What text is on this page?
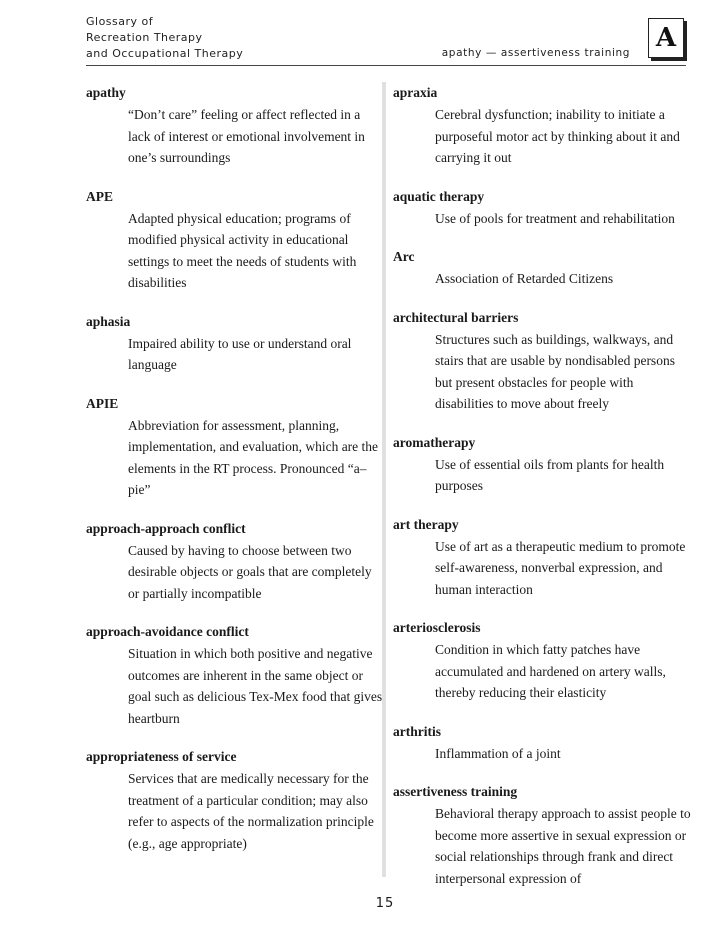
Glossary of
Recreation Therapy
and Occupational Therapy	apathy — assertiveness training A
apathy
“Don’t care” feeling or affect reflected in a lack of interest or emotional involvement in one’s surroundings
APE
Adapted physical education; programs of modified physical activity in educational settings to meet the needs of students with disabilities
aphasia
Impaired ability to use or understand oral language
APIE
Abbreviation for assessment, planning, implementation, and evaluation, which are the elements in the RT process. Pronounced “a–pie”
approach-approach conflict
Caused by having to choose between two desirable objects or goals that are completely or partially incompatible
approach-avoidance conflict
Situation in which both positive and negative outcomes are inherent in the same object or goal such as delicious Tex-Mex food that gives heartburn
appropriateness of service
Services that are medically necessary for the treatment of a particular condition; may also refer to aspects of the normalization principle (e.g., age appropriate)
apraxia
Cerebral dysfunction; inability to initiate a purposeful motor act by thinking about it and carrying it out
aquatic therapy
Use of pools for treatment and rehabilitation
Arc
Association of Retarded Citizens
architectural barriers
Structures such as buildings, walkways, and stairs that are usable by nondisabled persons but present obstacles for people with disabilities to move about freely
aromatherapy
Use of essential oils from plants for health purposes
art therapy
Use of art as a therapeutic medium to promote self-awareness, nonverbal expression, and human interaction
arteriosclerosis
Condition in which fatty patches have accumulated and hardened on artery walls, thereby reducing their elasticity
arthritis
Inflammation of a joint
assertiveness training
Behavioral therapy approach to assist people to become more assertive in sexual expression or social relationships through frank and direct interpersonal expression of
15
